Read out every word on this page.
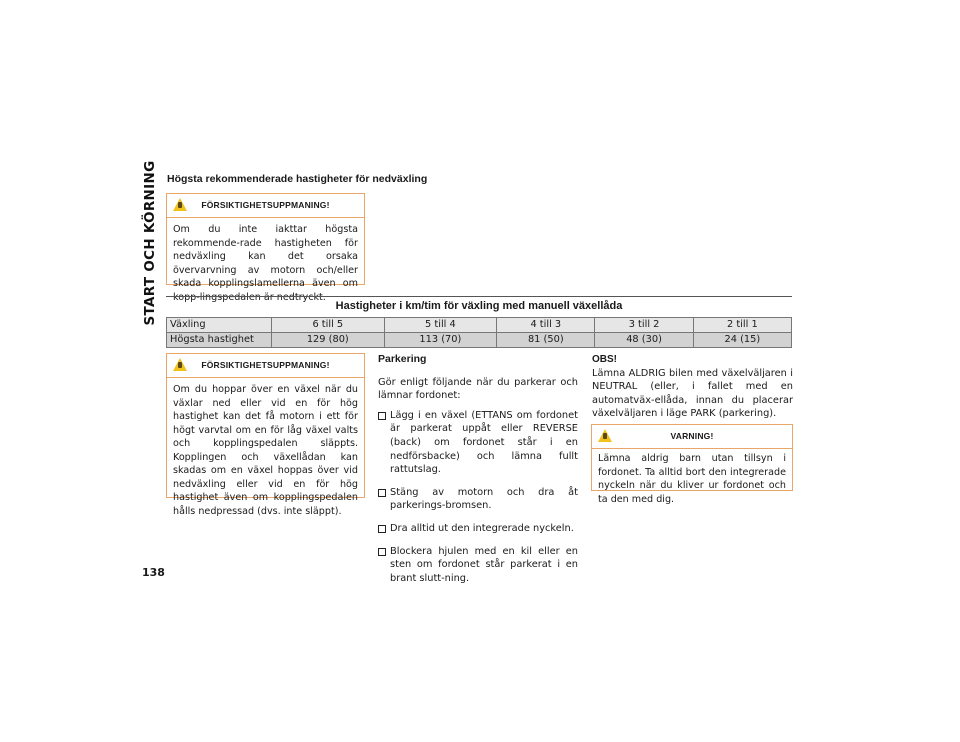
START OCH KÖRNING
138
Högsta rekommenderade hastigheter för nedväxling
FÖRSIKTIGHETSUPPMANING!
Om du inte iakttar högsta rekommende-rade hastigheten för nedväxling kan det orsaka övervarvning av motorn och/eller skada kopplingslamellerna även om kopp-lingspedalen är nedtryckt.
Hastigheter i km/tim för växling med manuell växellåda
Växling	6 till 5	5 till 4	4 till 3	3 till 2	2 till 1
Högsta hastighet	129 (80)	113 (70)	81 (50)	48 (30)	24 (15)
FÖRSIKTIGHETSUPPMANING!
Om du hoppar över en växel när du växlar ned eller vid en för hög hastighet kan det få motorn i ett för högt varvtal om en för låg växel valts och kopplingspedalen släppts. Kopplingen och växellådan kan skadas om en växel hoppas över vid nedväxling eller vid en för hög hastighet även om kopplingspedalen hålls nedpressad (dvs. inte släppt).
Parkering

Gör enligt följande när du parkerar och lämnar fordonet:

Lägg i en växel (ETTANS om fordonet är parkerat uppåt eller REVERSE (back) om fordonet står i en nedförsbacke) och lämna fullt rattutslag.
Stäng av motorn och dra åt parkerings-bromsen.
Dra alltid ut den integrerade nyckeln.
Blockera hjulen med en kil eller en sten om fordonet står parkerat i en brant slutt-ning.
OBS!

Lämna ALDRIG bilen med växelväljaren i NEUTRAL (eller, i fallet med en automatväx-ellåda, innan du placerar växelväljaren i läge PARK (parkering).

VARNING!
Lämna aldrig barn utan tillsyn i fordonet. Ta alltid bort den integrerade nyckeln när du kliver ur fordonet och ta den med dig.
